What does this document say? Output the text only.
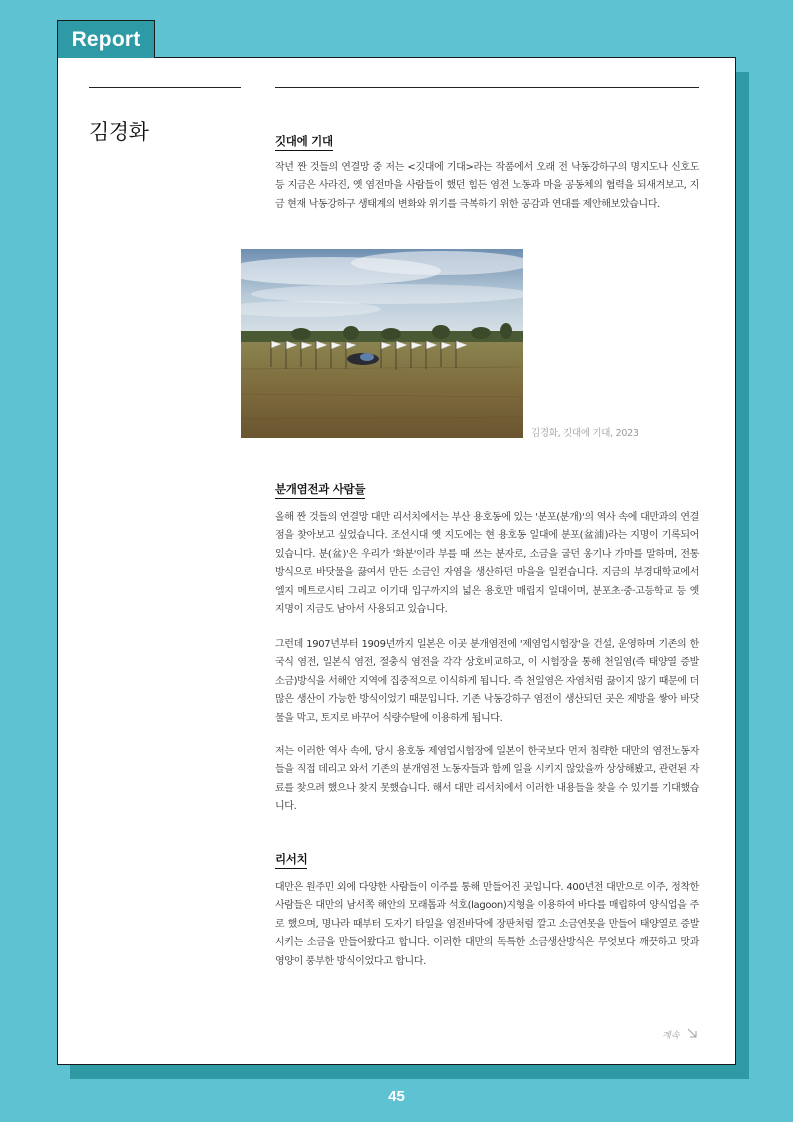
Report
김경화	깃대에 기대
작년 짠 것들의 연결망 중 저는 <깃대에 기대>라는 작품에서 오래 전 낙동강하구의 명지도나 신호도 등 지금은 사라진, 옛 염전마을 사람들이 했던 힘든 염전 노동과 마을 공동체의 협력을 되새겨보고, 지금 현재 낙동강하구 생태계의 변화와 위기를 극복하기 위한 공감과 연대를 제안해보았습니다.
김경화, 깃대에 기대, 2023
분개염전과 사람들
올해 짠 것들의 연결망 대만 리서치에서는 부산 용호동에 있는 '분포(분개)'의 역사 속에 대만과의 연결점을 찾아보고 싶었습니다. 조선시대 옛 지도에는 현 용호동 일대에 분포(盆浦)라는 지명이 기록되어 있습니다. 분(盆)'은 우리가 '화분'이라 부를 때 쓰는 분자로, 소금을 굽던 옹기나 가마를 말하며, 전통 방식으로 바닷물을 끓여서 만든 소금인 자염을 생산하던 마을을 일컫습니다. 지금의 부경대학교에서 엘지 메트로시티 그리고 이기대 입구까지의 넓은 용호만 매립지 일대이며, 분포초·중·고등학교 등 옛 지명이 지금도 남아서 사용되고 있습니다.
그런데 1907년부터 1909년까지 일본은 이곳 분개염전에 '제염업시험장'을 건설, 운영하며 기존의 한국식 염전, 일본식 염전, 절충식 염전을 각각 상호비교하고, 이 시험장을 통해 천일염(즉 태양열 증발 소금)방식을 서해안 지역에 집중적으로 이식하게 됩니다. 즉 천일염은 자염처럼 끓이지 않기 때문에 더 많은 생산이 가능한 방식이었기 때문입니다. 기존 낙동강하구 염전이 생산되던 곳은 제방을 쌓아 바닷물을 막고, 토지로 바꾸어 식량수탈에 이용하게 됩니다.
저는 이러한 역사 속에, 당시 용호동 제염업시험장에 일본이 한국보다 먼저 침략한 대만의 염전노동자들을 직접 데리고 와서 기존의 분개염전 노동자들과 함께 일을 시키지 않았을까 상상해봤고, 관련된 자료를 찾으려 했으나 찾지 못했습니다. 해서 대만 리서치에서 이러한 내용들을 찾을 수 있기를 기대했습니다.
리서치
대만은 원주민 외에 다양한 사람들이 이주를 통해 만들어진 곳입니다. 400년전 대만으로 이주, 정착한 사람들은 대만의 남서쪽 해안의 모래톱과 석호(lagoon)지형을 이용하여 바다를 매립하여 양식업을 주로 했으며, 명나라 때부터 도자기 타일을 염전바닥에 장판처럼 깔고 소금연못을 만들어 태양열로 증발시키는 소금을 만들어왔다고 합니다. 이러한 대만의 독특한 소금생산방식은 무엇보다 깨끗하고 맛과 영양이 풍부한 방식이었다고 합니다.
계속
45
